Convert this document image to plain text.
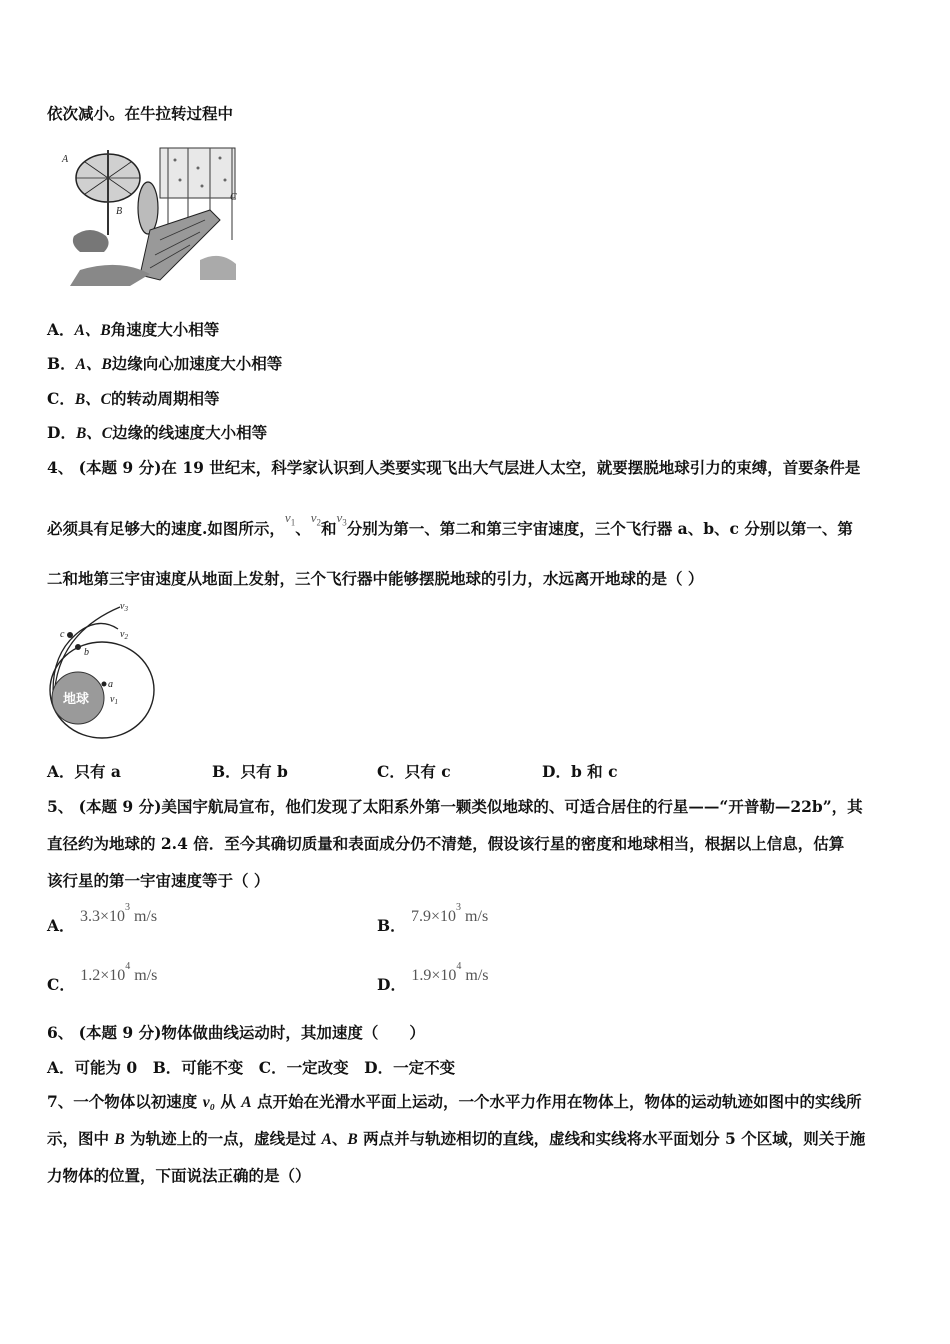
依次减小。在牛拉转过程中
A
B
C
A．A、B角速度大小相等
B．A、B边缘向心加速度大小相等
C．B、C的转动周期相等
D．B、C边缘的线速度大小相等
4、 (本题 9 分)在 19 世纪末，科学家认识到人类要实现飞出大气层进人太空，就要摆脱地球引力的束缚，首要条件是
必须具有足够大的速度.如图所示，$^{v_1}$、$^{v_2}$和$^{v_3}$分别为第一、第二和第三宇宙速度，三个飞行器 a、b、c 分别以第一、第
二和地第三宇宙速度从地面上发射，三个飞行器中能够摆脱地球的引力，水远离开地球的是（ ）
地球
a
b
c
$v_1$
$v_2$
$v_3$
A．只有 a	B．只有 b	C．只有 c	D．b 和 c
5、 (本题 9 分)美国宇航局宣布，他们发现了太阳系外第一颗类似地球的、可适合居住的行星——“开普勒—22b”，其
直径约为地球的 2.4 倍．至今其确切质量和表面成分仍不清楚，假设该行星的密度和地球相当，根据以上信息，估算
该行星的第一宇宙速度等于（ ）
A． $3.3\times 10^3$ m/s	B． $7.9\times 10^3$ m/s
C． $1.2\times 10^4$ m/s	D． $1.9\times 10^4$ m/s
6、 (本题 9 分)物体做曲线运动时，其加速度（　　）
A．可能为 0　B．可能不变　C．一定改变　D．一定不变
7、一个物体以初速度 v₀ 从 A 点开始在光滑水平面上运动，一个水平力作用在物体上，物体的运动轨迹如图中的实线所
示，图中 B 为轨迹上的一点，虚线是过 A、B 两点并与轨迹相切的直线，虚线和实线将水平面划分 5 个区域，则关于施
力物体的位置，下面说法正确的是（）
